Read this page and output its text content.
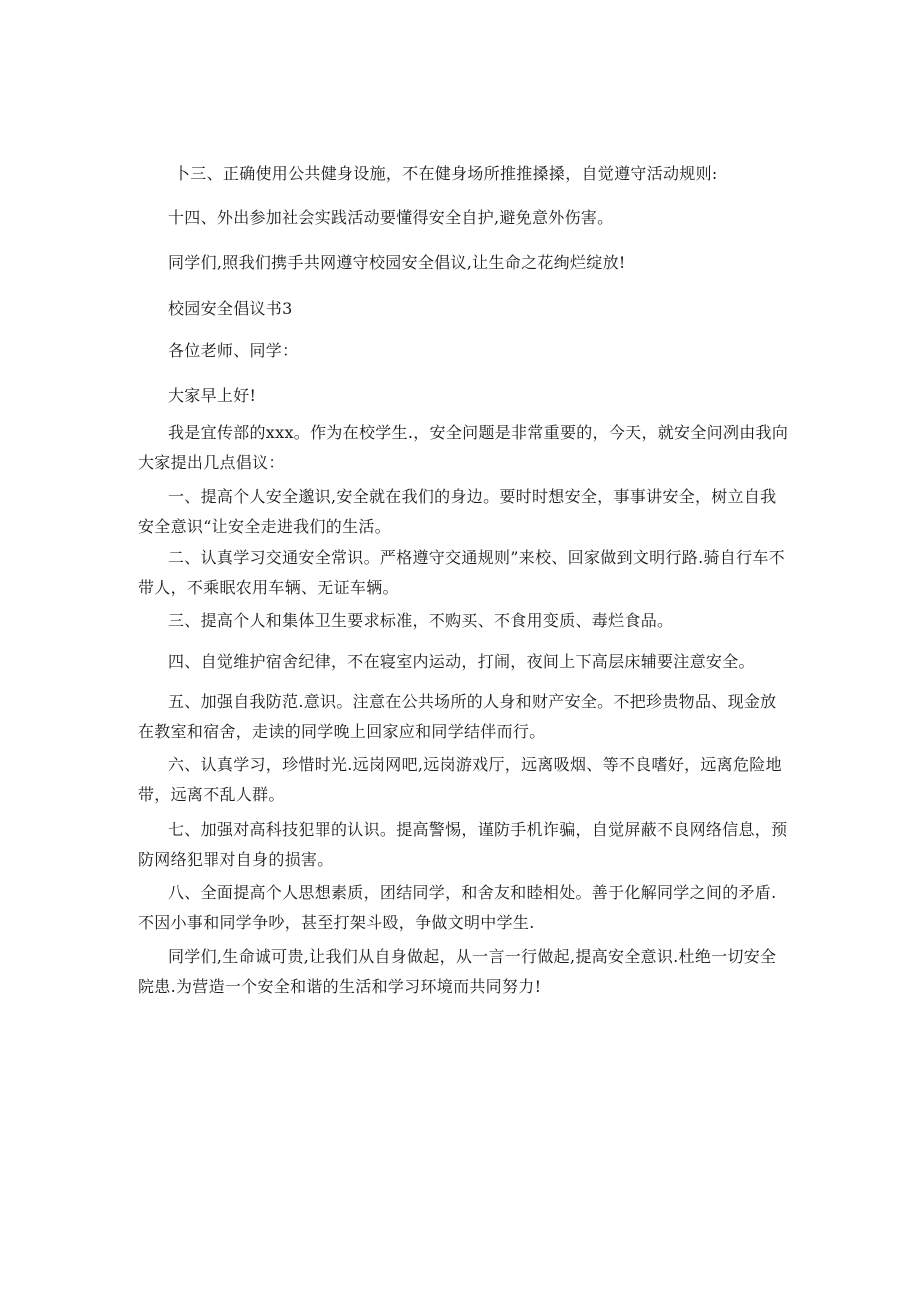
卜三、正确使用公共健身设施，不在健身场所推推搡搡，自觉遵守活动规则:

十四、外出参加社会实践活动要懂得安全自护,避免意外伤害。

同学们,照我们携手共网遵守校园安全倡议,让生命之花绚烂绽放!

校园安全倡议书3

各位老师、同学：

大家早上好!

我是宜传部的xxx。作为在校学生.，安全问题是非常重要的，今天，就安全问冽由我向大家提出几点倡议：

一、提高个人安全邈识,安全就在我们的身边。要时时想安全，事事讲安全，树立自我安全意识“让安全走进我们的生活。

二、认真学习交通安全常识。严格遵守交通规则”来校、回家做到文明行路.骑自行车不带人，不乘眠农用车辆、无证车辆。

三、提高个人和集体卫生要求标准，不购买、不食用变质、毒烂食品。

四、自觉维护宿舍纪律，不在寝室内运动，打闹，夜间上下高层床辅要注意安全。

五、加强自我防范.意识。注意在公共场所的人身和财产安全。不把珍贵物品、现金放在教室和宿舍，走读的同学晚上回家应和同学结伴而行。

六、认真学习，珍惜时光.远岗网吧,远岗游戏厅，远离吸烟、等不良嗜好，远离危险地带，远离不乱人群。

七、加强对高科技犯罪的认识。提高警惕，谨防手机诈骗，自觉屏蔽不良网络信息，预防网络犯罪对自身的损害。

八、全面提高个人思想素质，团结同学，和舍友和睦相处。善于化解同学之间的矛盾.不因小事和同学争吵，甚至打架斗殴，争做文明中学生.

同学们,生命诚可贵,让我们从自身做起，从一言一行做起,提高安全意识.杜绝一切安全院患.为营造一个安全和谐的生活和学习环境而共同努力!
